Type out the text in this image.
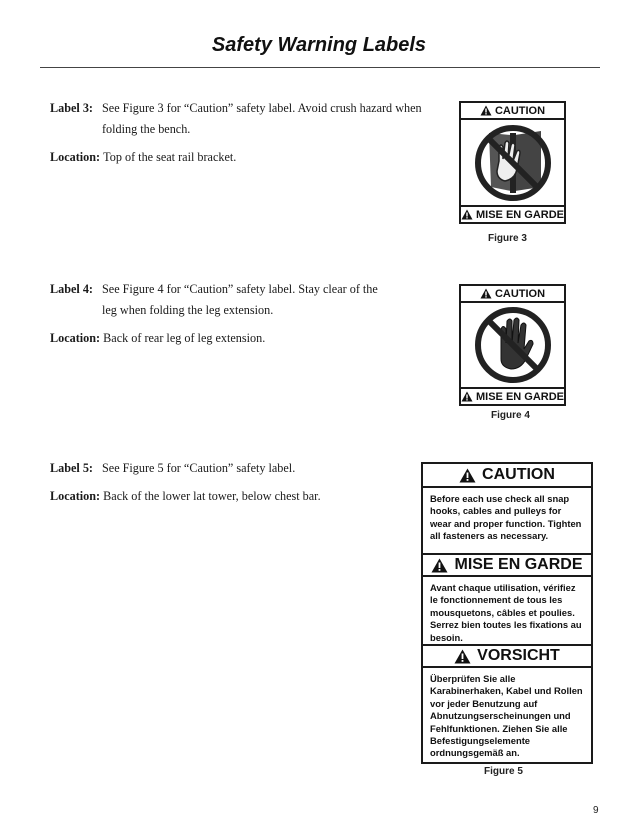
Safety Warning Labels
Label 3: See Figure 3 for “Caution” safety label. Avoid crush hazard when folding the bench.
Location:
Top of the seat rail bracket.
CAUTION
MISE EN GARDE
Figure 3
Label 4: See Figure 4 for “Caution” safety label. Stay clear of the leg when folding the leg extension.
Location:
Back of rear leg of leg extension.
CAUTION
MISE EN GARDE
Figure 4
Label 5: See Figure 5 for “Caution” safety label.
Location:
Back of the lower lat tower, below chest bar.
CAUTION
Before each use check all snap hooks, cables and pulleys for wear and proper function. Tighten all fasteners as necessary.
MISE EN GARDE
Avant chaque utilisation, vérifiez le fonctionnement de tous les mousquetons, câbles et poulies. Serrez bien toutes les fixations au besoin.
VORSICHT
Überprüfen Sie alle Karabinerhaken, Kabel und Rollen vor jeder Benutzung auf Abnutzungserscheinungen und Fehlfunktionen. Ziehen Sie alle Befestigungselemente ordnungsgemäß an.
Figure 5
9
